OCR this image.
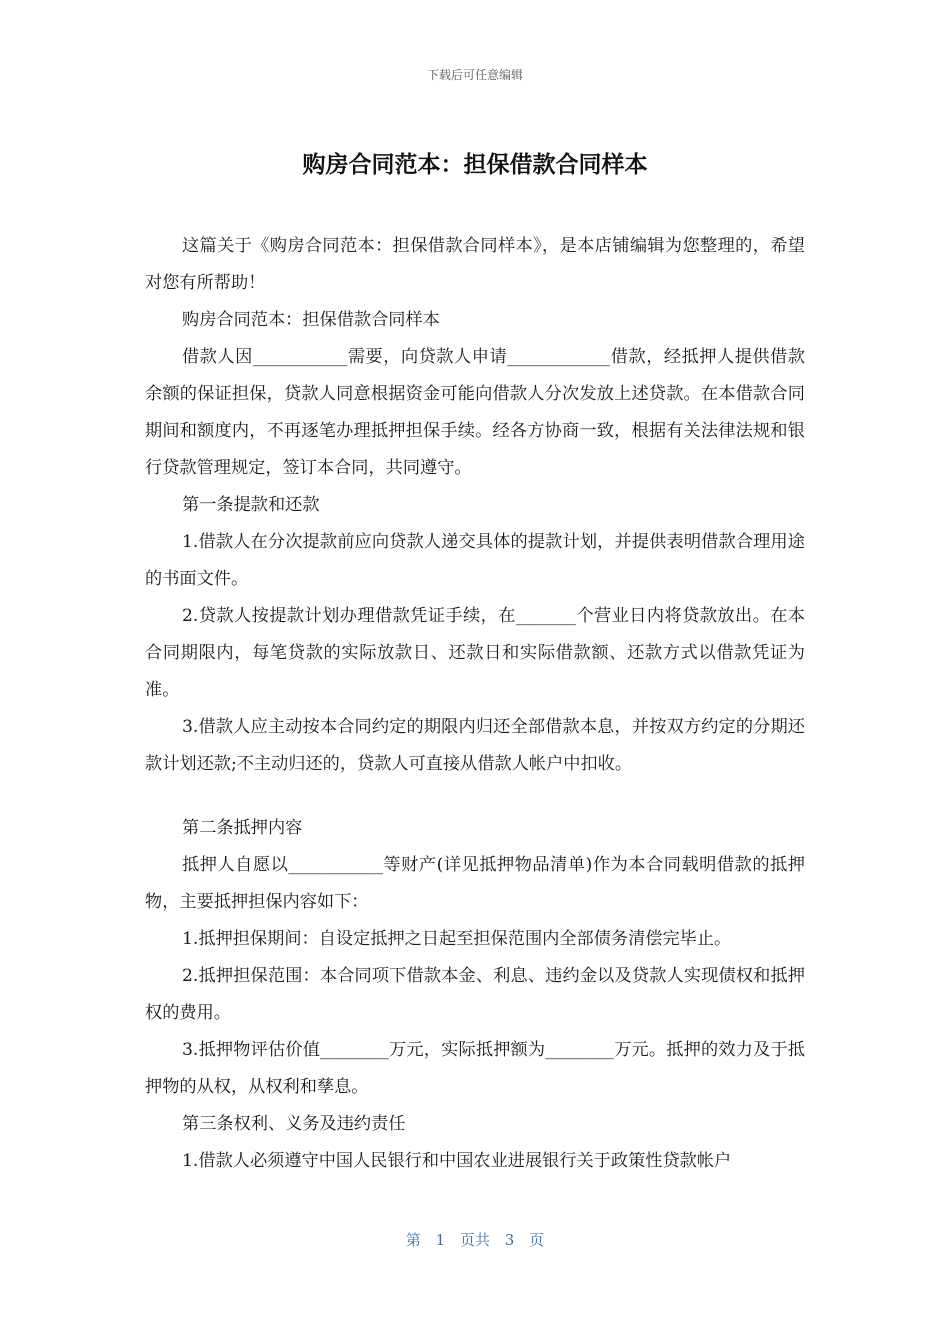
下载后可任意编辑
购房合同范本：担保借款合同样本

这篇关于《购房合同范本：担保借款合同样本》，是本店铺编辑为您整理的，希望对您有所帮助！

购房合同范本：担保借款合同样本

借款人因___________需要，向贷款人申请____________借款，经抵押人提供借款余额的保证担保，贷款人同意根据资金可能向借款人分次发放上述贷款。在本借款合同期间和额度内，不再逐笔办理抵押担保手续。经各方协商一致，根据有关法律法规和银行贷款管理规定，签订本合同，共同遵守。

第一条提款和还款

1.借款人在分次提款前应向贷款人递交具体的提款计划，并提供表明借款合理用途的书面文件。

2.贷款人按提款计划办理借款凭证手续，在_______个营业日内将贷款放出。在本合同期限内，每笔贷款的实际放款日、还款日和实际借款额、还款方式以借款凭证为准。

3.借款人应主动按本合同约定的期限内归还全部借款本息，并按双方约定的分期还款计划还款;不主动归还的，贷款人可直接从借款人帐户中扣收。

第二条抵押内容

抵押人自愿以___________等财产(详见抵押物品清单)作为本合同载明借款的抵押物，主要抵押担保内容如下：

1.抵押担保期间：自设定抵押之日起至担保范围内全部债务清偿完毕止。

2.抵押担保范围：本合同项下借款本金、利息、违约金以及贷款人实现债权和抵押权的费用。

3.抵押物评估价值________万元，实际抵押额为________万元。抵押的效力及于抵押物的从权，从权利和孳息。

第三条权利、义务及违约责任

1.借款人必须遵守中国人民银行和中国农业进展银行关于政策性贷款帐户

第 1 页共 3 页
